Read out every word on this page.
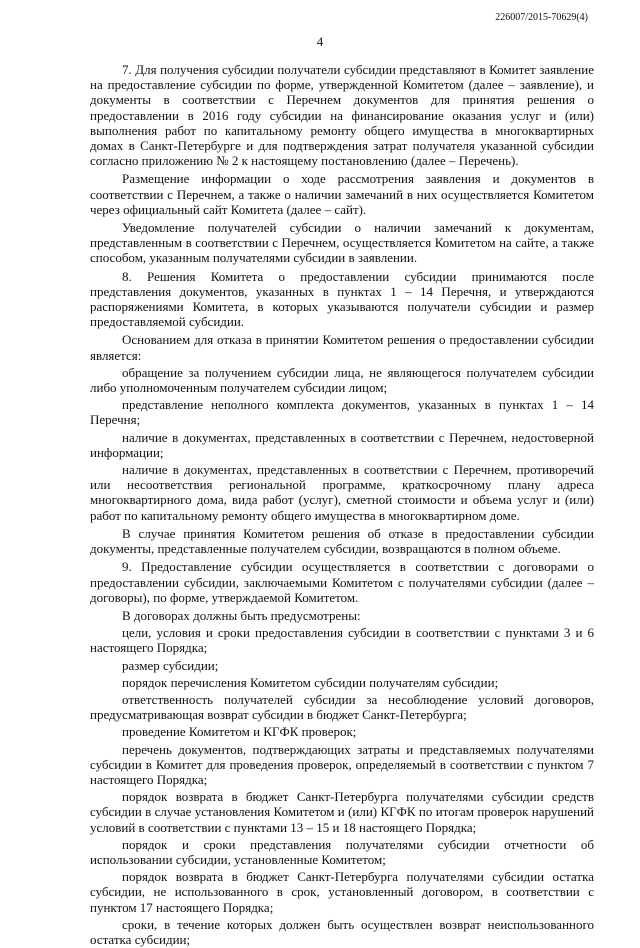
226007/2015-70629(4)
4

7. Для получения субсидии получатели субсидии представляют в Комитет заявление на предоставление субсидии по форме, утвержденной Комитетом (далее – заявление), и документы в соответствии с Перечнем документов для принятия решения о предоставлении в 2016 году субсидии на финансирование оказания услуг и (или) выполнения работ по капитальному ремонту общего имущества в многоквартирных домах в Санкт-Петербурге и для подтверждения затрат получателя указанной субсидии согласно приложению № 2 к настоящему постановлению (далее – Перечень).

Размещение информации о ходе рассмотрения заявления и документов в соответствии с Перечнем, а также о наличии замечаний в них осуществляется Комитетом через официальный сайт Комитета (далее – сайт).

Уведомление получателей субсидии о наличии замечаний к документам, представленным в соответствии с Перечнем, осуществляется Комитетом на сайте, а также способом, указанным получателями субсидии в заявлении.

8. Решения Комитета о предоставлении субсидии принимаются после представления документов, указанных в пунктах 1 – 14 Перечня, и утверждаются распоряжениями Комитета, в которых указываются получатели субсидии и размер предоставляемой субсидии.

Основанием для отказа в принятии Комитетом решения о предоставлении субсидии является:

обращение за получением субсидии лица, не являющегося получателем субсидии либо уполномоченным получателем субсидии лицом;

представление неполного комплекта документов, указанных в пунктах 1 – 14 Перечня;

наличие в документах, представленных в соответствии с Перечнем, недостоверной информации;

наличие в документах, представленных в соответствии с Перечнем, противоречий или несоответствия региональной программе, краткосрочному плану адреса многоквартирного дома, вида работ (услуг), сметной стоимости и объема услуг и (или) работ по капитальному ремонту общего имущества в многоквартирном доме.

В случае принятия Комитетом решения об отказе в предоставлении субсидии документы, представленные получателем субсидии, возвращаются в полном объеме.

9. Предоставление субсидии осуществляется в соответствии с договорами о предоставлении субсидии, заключаемыми Комитетом с получателями субсидии (далее – договоры), по форме, утверждаемой Комитетом.

В договорах должны быть предусмотрены:

цели, условия и сроки предоставления субсидии в соответствии с пунктами 3 и 6 настоящего Порядка;

размер субсидии;

порядок перечисления Комитетом субсидии получателям субсидии;

ответственность получателей субсидии за несоблюдение условий договоров, предусматривающая возврат субсидии в бюджет Санкт-Петербурга;

проведение Комитетом и КГФК проверок;

перечень документов, подтверждающих затраты и представляемых получателями субсидии в Комитет для проведения проверок, определяемый в соответствии с пунктом 7 настоящего Порядка;

порядок возврата в бюджет Санкт-Петербурга получателями субсидии средств субсидии в случае установления Комитетом и (или) КГФК по итогам проверок нарушений условий в соответствии с пунктами 13 – 15 и 18 настоящего Порядка;

порядок и сроки представления получателями субсидии отчетности об использовании субсидии, установленные Комитетом;

порядок возврата в бюджет Санкт-Петербурга получателями субсидии остатка субсидии, не использованного в срок, установленный договором, в соответствии с пунктом 17 настоящего Порядка;

сроки, в течение которых должен быть осуществлен возврат неиспользованного остатка субсидии;
